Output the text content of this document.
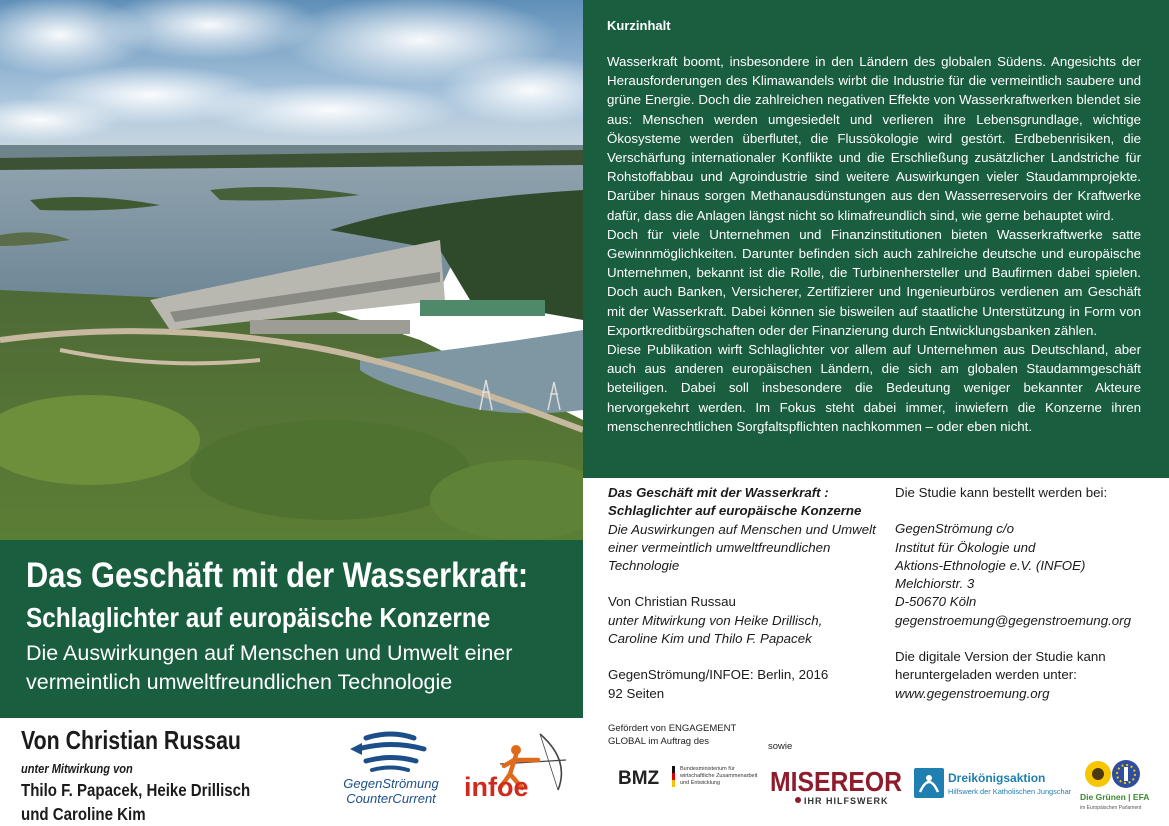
Das Geschäft mit der Wasserkraft:
Schlaglichter auf europäische Konzerne
Die Auswirkungen auf Menschen und Umwelt einer vermeintlich umweltfreundlichen Technologie
Von Christian Russau
unter Mitwirkung von
Thilo F. Papacek, Heike Drillisch und Caroline Kim
GegenStrömung
CounterCurrent	infoe
Kurzinhalt

Wasserkraft boomt, insbesondere in den Ländern des globalen Südens. Angesichts der Herausforderungen des Klimawandels wirbt die Industrie für die vermeintlich saubere und grüne Energie. Doch die zahlreichen negativen Effekte von Wasserkraftwerken blendet sie aus: Menschen werden umgesiedelt und verlieren ihre Lebensgrundlage, wichtige Ökosysteme werden überflutet, die Flussökologie wird gestört. Erdbebenrisiken, die Verschärfung internationaler Konflikte und die Erschließung zusätzlicher Landstriche für Rohstoffabbau und Agroindustrie sind weitere Auswirkungen vieler Staudammprojekte. Darüber hinaus sorgen Methanausdünstungen aus den Wasserreservoirs der Kraftwerke dafür, dass die Anlagen längst nicht so klimafreundlich sind, wie gerne behauptet wird.

Doch für viele Unternehmen und Finanzinstitutionen bieten Wasserkraftwerke satte Gewinnmöglichkeiten. Darunter befinden sich auch zahlreiche deutsche und europäische Unternehmen, bekannt ist die Rolle, die Turbinenhersteller und Baufirmen dabei spielen. Doch auch Banken, Versicherer, Zertifizierer und Ingenieurbüros verdienen am Geschäft mit der Wasserkraft. Dabei können sie bisweilen auf staatliche Unterstützung in Form von Exportkreditbürgschaften oder der Finanzierung durch Entwicklungsbanken zählen.

Diese Publikation wirft Schlaglichter vor allem auf Unternehmen aus Deutschland, aber auch aus anderen europäischen Ländern, die sich am globalen Staudammgeschäft beteiligen. Dabei soll insbesondere die Bedeutung weniger bekannter Akteure hervorgekehrt werden. Im Fokus steht dabei immer, inwiefern die Konzerne ihren menschenrechtlichen Sorgfaltspflichten nachkommen – oder eben nicht.

Das Geschäft mit der Wasserkraft :
Schlaglichter auf europäische Konzerne
Die Auswirkungen auf Menschen und Umwelt einer vermeintlich umweltfreundlichen Technologie
Von Christian Russau
unter Mitwirkung von Heike Drillisch,
Caroline Kim und Thilo F. Papacek
GegenStrömung/INFOE: Berlin, 2016
92 Seiten
Die Studie kann bestellt werden bei:
GegenStrömung c/o
Institut für Ökologie und
Aktions-Ethnologie e.V. (INFOE)
Melchiorstr. 3
D-50670 Köln
gegenstroemung@gegenstroemung.org
Die digitale Version der Studie kann heruntergeladen werden unter:
www.gegenstroemung.org
Gefördert von ENGAGEMENT
GLOBAL im Auftrag des	sowie
BMZ	Bundesministerium für wirtschaftliche Zusammenarbeit und Entwicklung	MISEREOR
IHR HILFSWERK
Dreikönigsaktion
Hilfswerk der Katholischen Jungschar
Die Grünen | EFA
im Europäischen Parlament
